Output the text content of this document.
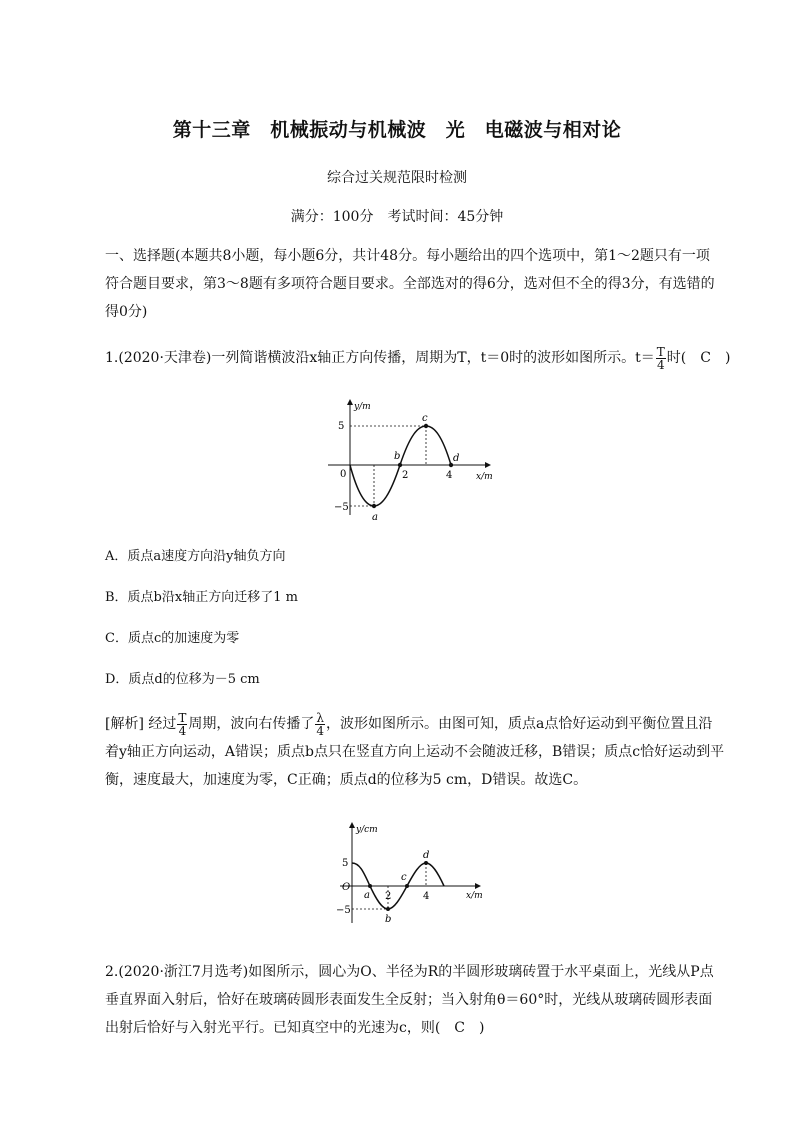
第十三章　机械振动与机械波　光　电磁波与相对论
综合过关规范限时检测
满分：100分　考试时间：45分钟
一、选择题(本题共8小题，每小题6分，共计48分。每小题给出的四个选项中，第1～2题只有一项符合题目要求，第3～8题有多项符合题目要求。全部选对的得6分，选对但不全的得3分，有选错的得0分)
1.(2020·天津卷)一列简谐横波沿x轴正方向传播，周期为T，t＝0时的波形如图所示。$t= \frac{T}{4}$ 时(　C　)
y/m
x/m
5
−5
0	2	4
a
b
c
d
A．质点a速度方向沿y轴负方向
B．质点b沿x轴正方向迁移了1 m
C．质点c的加速度为零
D．质点d的位移为－5 cm
[解析] 经过 $\frac{T}{4}$ 周期，波向右传播了 $\frac{\lambda}{4}$ ，波形如图所示。由图可知，质点a点恰好运动到平衡位置且沿着y轴正方向运动，A错误；质点b点只在竖直方向上运动不会随波迁移，B错误；质点c恰好运动到平衡，速度最大，加速度为零，C正确；质点d的位移为5 cm，D错误。故选C。
y/cm
x/m
5
−5
O
2	4
a
b
c
d
2.(2020·浙江7月选考)如图所示，圆心为O、半径为R的半圆形玻璃砖置于水平桌面上，光线从P点垂直界面入射后，恰好在玻璃砖圆形表面发生全反射；当入射角θ＝60°时，光线从玻璃砖圆形表面出射后恰好与入射光平行。已知真空中的光速为c，则(　C　)
